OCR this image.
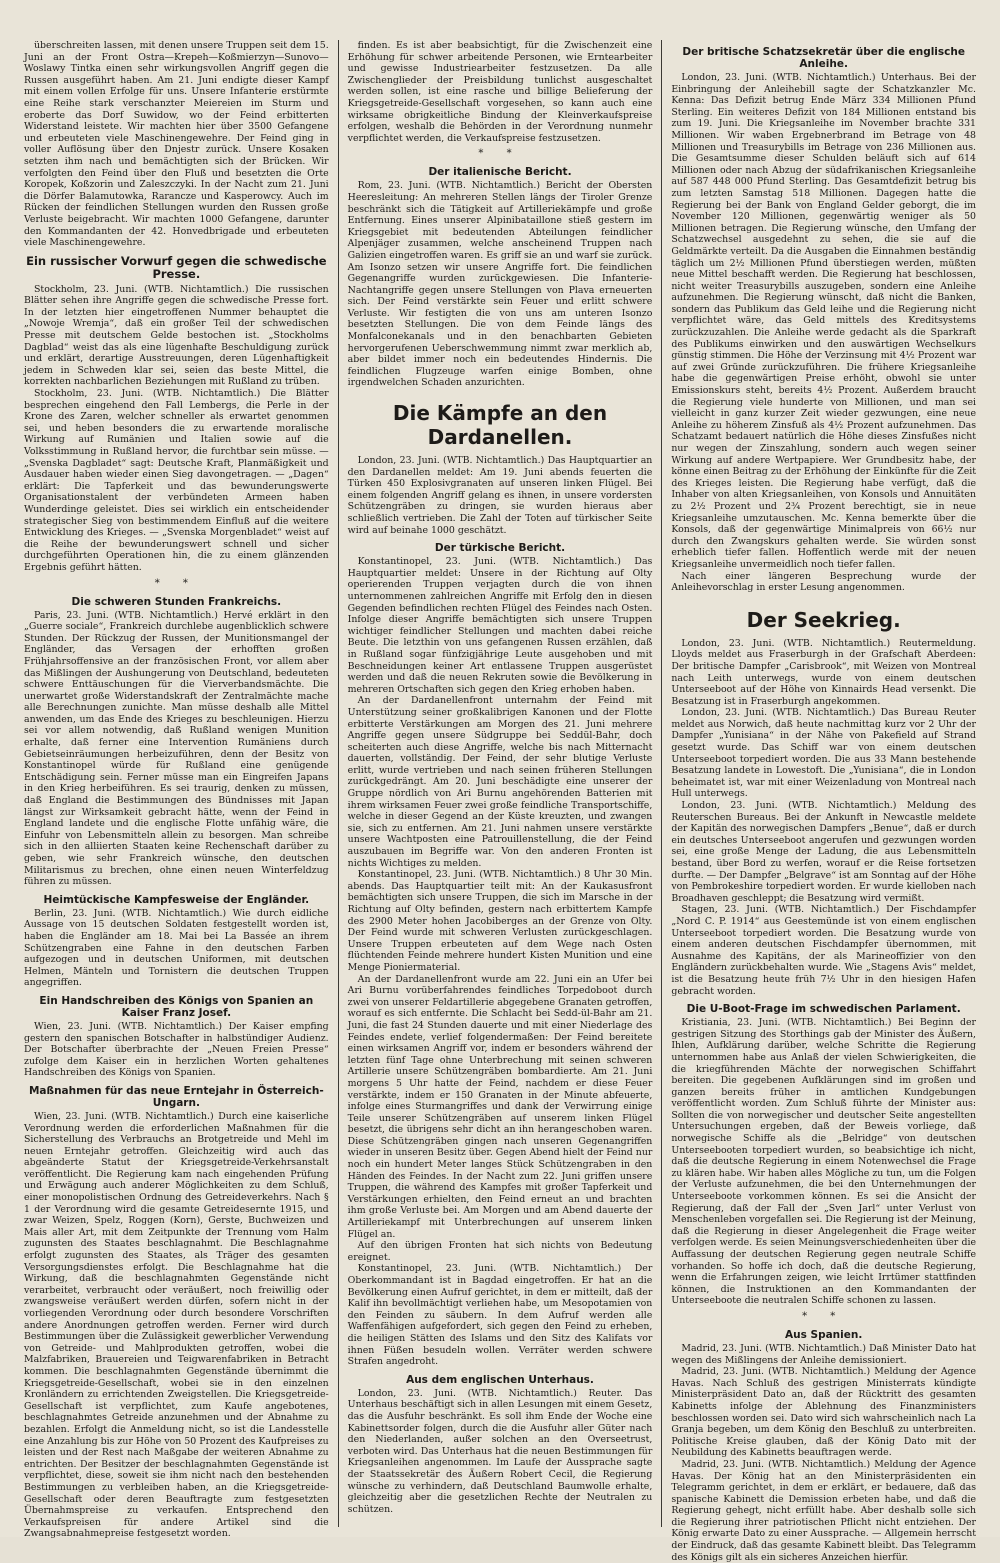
überschreiten lassen, mit denen unsere Truppen seit dem 15. Juni an der Front Ostra—Krepeh—Koßmierzyn—Sunovo—Woslawy Tintka einen sehr wirkungsvollen Angriff gegen die Russen ausgeführt haben. Am 21. Juni endigte dieser Kampf mit einem vollen Erfolge für uns. Unsere Infanterie erstürmte eine Reihe stark verschanzter Meiereien im Sturm und eroberte das Dorf Suwidow, wo der Feind erbitterten Widerstand leistete. Wir machten hier über 3500 Gefangene und erbeuteten viele Maschinengewehre. Der Feind ging in voller Auflösung über den Dnjestr zurück. Unsere Kosaken setzten ihm nach und bemächtigten sich der Brücken. Wir verfolgten den Feind über den Fluß und besetzten die Orte Koropek, Koßzorin und Zaleszczyki. In der Nacht zum 21. Juni die Dörfer Balamutowka, Rarancze und Kasperowcy. Auch im Rücken der feindlichen Stellungen wurden den Russen große Verluste beigebracht. Wir machten 1000 Gefangene, darunter den Kommandanten der 42. Honvedbrigade und erbeuteten viele Maschinengewehre.

Ein russischer Vorwurf gegen die schwedische Presse.

Stockholm, 23. Juni. (WTB. Nichtamtlich.) Die russischen Blätter sehen ihre Angriffe gegen die schwedische Presse fort. In der letzten hier eingetroffenen Nummer behauptet die „Nowoje Wremja“, daß ein großer Teil der schwedischen Presse mit deutschem Gelde bestochen ist. „Stockholms Dagblad“ weist das als eine lügenhafte Beschuldigung zurück und erklärt, derartige Ausstreuungen, deren Lügenhaftigkeit jedem in Schweden klar sei, seien das beste Mittel, die korrekten nachbarlichen Beziehungen mit Rußland zu trüben.

Stockholm, 23. Juni. (WTB. Nichtamtlich.) Die Blätter besprechen eingehend den Fall Lembergs, die Perle in der Krone des Zaren, welcher schneller als erwartet genommen sei, und heben besonders die zu erwartende moralische Wirkung auf Rumänien und Italien sowie auf die Volksstimmung in Rußland hervor, die furchtbar sein müsse. — „Svenska Dagbladet“ sagt: Deutsche Kraft, Planmäßigkeit und Ausdauer haben wieder einen Sieg davongetragen. — „Dagen“ erklärt: Die Tapferkeit und das bewunderungswerte Organisationstalent der verbündeten Armeen haben Wunderdinge geleistet. Dies sei wirklich ein entscheidender strategischer Sieg von bestimmendem Einfluß auf die weitere Entwicklung des Krieges. — „Svenska Morgenbladet“ weist auf die Reihe der bewunderungswert schnell und sicher durchgeführten Operationen hin, die zu einem glänzenden Ergebnis geführt hätten.

* *
Die schweren Stunden Frankreichs.

Paris, 23. Juni. (WTB. Nichtamtlich.) Hervé erklärt in den „Guerre sociale“, Frankreich durchlebe augenblicklich schwere Stunden. Der Rückzug der Russen, der Munitionsmangel der Engländer, das Versagen der erhofften großen Frühjahrsoffensive an der französischen Front, vor allem aber das Mißlingen der Aushungerung von Deutschland, bedeuteten schwere Enttäuschungen für die Vierverbandsmächte. Die unerwartet große Widerstandskraft der Zentralmächte mache alle Berechnungen zunichte. Man müsse deshalb alle Mittel anwenden, um das Ende des Krieges zu beschleunigen. Hierzu sei vor allem notwendig, daß Rußland wenigen Munition erhalte, daß ferner eine Intervention Rumäniens durch Gebietseinräumungen herbeizuführen, denn der Besitz von Konstantinopel würde für Rußland eine genügende Entschädigung sein. Ferner müsse man ein Eingreifen Japans in den Krieg herbeiführen. Es sei traurig, denken zu müssen, daß England die Bestimmungen des Bündnisses mit Japan längst zur Wirksamkeit gebracht hätte, wenn der Feind in England landete und die englische Flotte unfähig wäre, die Einfuhr von Lebensmitteln allein zu besorgen. Man schreibe sich in den alliierten Staaten keine Rechenschaft darüber zu geben, wie sehr Frankreich wünsche, den deutschen Militarismus zu brechen, ohne einen neuen Winterfeldzug führen zu müssen.

Heimtückische Kampfesweise der Engländer.

Berlin, 23. Juni. (WTB. Nichtamtlich.) Wie durch eidliche Aussage von 15 deutschen Soldaten festgestellt worden ist, haben die Engländer am 18. Mai bei La Bassée an ihrem Schützengraben eine Fahne in den deutschen Farben aufgezogen und in deutschen Uniformen, mit deutschen Helmen, Mänteln und Tornistern die deutschen Truppen angegriffen.

Ein Handschreiben des Königs von Spanien an Kaiser Franz Josef.

Wien, 23. Juni. (WTB. Nichtamtlich.) Der Kaiser empfing gestern den spanischen Botschafter in halbstündiger Audienz. Der Botschafter überbrachte der „Neuen Freien Presse“ zufolge dem Kaiser ein in herzlichen Worten gehaltenes Handschreiben des Königs von Spanien.

Maßnahmen für das neue Erntejahr in Österreich-Ungarn.

Wien, 23. Juni. (WTB. Nichtamtlich.) Durch eine kaiserliche Verordnung werden die erforderlichen Maßnahmen für die Sicherstellung des Verbrauchs an Brotgetreide und Mehl im neuen Erntejahr getroffen. Gleichzeitig wird auch das abgeänderte Statut der Kriegsgetreide-Verkehrsanstalt veröffentlicht. Die Regierung kam nach eingehenden Prüfung und Erwägung auch anderer Möglichkeiten zu dem Schluß, einer monopolistischen Ordnung des Getreideverkehrs. Nach § 1 der Verordnung wird die gesamte Getreidesernte 1915, und zwar Weizen, Spelz, Roggen (Korn), Gerste, Buchweizen und Mais aller Art, mit dem Zeitpunkte der Trennung vom Halm zugunsten des Staates beschlagnahmt. Die Beschlagnahme erfolgt zugunsten des Staates, als Träger des gesamten Versorgungsdienstes erfolgt. Die Beschlagnahme hat die Wirkung, daß die beschlagnahmten Gegenstände nicht verarbeitet, verbraucht oder veräußert, noch freiwillig oder zwangsweise veräußert werden dürfen, sofern nicht in der vorliegenden Verordnung oder durch besondere Vorschriften andere Anordnungen getroffen werden. Ferner wird durch Bestimmungen über die Zulässigkeit gewerblicher Verwendung von Getreide- und Mahlprodukten getroffen, wobei die Malzfabriken, Brauereien und Teigwarenfabriken in Betracht kommen. Die beschlagnahmten Gegenstände übernimmt die Kriegsgetreide-Gesellschaft, wobei sie in den einzelnen Kronländern zu errichtenden Zweigstellen. Die Kriegsgetreide-Gesellschaft ist verpflichtet, zum Kaufe angebotenes, beschlagnahmtes Getreide anzunehmen und der Abnahme zu bezahlen. Erfolgt die Anmeldung nicht, so ist die Landesstelle eine Anzahlung bis zur Höhe von 50 Prozent des Kaufpreises zu leisten und der Rest nach Maßgabe der weiteren Abnahme zu entrichten. Der Besitzer der beschlagnahmten Gegenstände ist verpflichtet, diese, soweit sie ihm nicht nach den bestehenden Bestimmungen zu verbleiben haben, an die Kriegsgetreide-Gesellschaft oder deren Beauftragte zum festgesetzten Übernahmspreise zu verkaufen. Entsprechend den Verkaufspreisen für andere Artikel sind die Zwangsabnahmepreise festgesetzt worden.

finden. Es ist aber beabsichtigt, für die Zwischenzeit eine Erhöhung für schwer arbeitende Personen, wie Erntearbeiter und gewisse Industriearbeiter festzusetzen. Da alle Zwischenglieder der Preisbildung tunlichst ausgeschaltet werden sollen, ist eine rasche und billige Belieferung der Kriegsgetreide-Gesellschaft vorgesehen, so kann auch eine wirksame obrigkeitliche Bindung der Kleinverkaufspreise erfolgen, weshalb die Behörden in der Verordnung nunmehr verpflichtet werden, die Verkaufspreise festzusetzen.

* *
Der italienische Bericht.

Rom, 23. Juni. (WTB. Nichtamtlich.) Bericht der Obersten Heeresleitung: An mehreren Stellen längs der Tiroler Grenze beschränkt sich die Tätigkeit auf Artilleriekämpfe und große Entfernung. Eines unserer Alpinibataillone stieß gestern im Kriegsgebiet mit bedeutenden Abteilungen feindlicher Alpenjäger zusammen, welche anscheinend Truppen nach Galizien eingetroffen waren. Es griff sie an und warf sie zurück. Am Isonzo setzen wir unsere Angriffe fort. Die feindlichen Gegenangriffe wurden zurückgewiesen. Die Infanterie-Nachtangriffe gegen unsere Stellungen von Plava erneuerten sich. Der Feind verstärkte sein Feuer und erlitt schwere Verluste. Wir festigten die von uns am unteren Isonzo besetzten Stellungen. Die von dem Feinde längs des Monfalconekanals und in den benachbarten Gebieten hervorgerufenen Ueberschwemmung nimmt zwar merklich ab, aber bildet immer noch ein bedeutendes Hindernis. Die feindlichen Flugzeuge warfen einige Bomben, ohne irgendwelchen Schaden anzurichten.

Die Kämpfe an den Dardanellen.

London, 23. Juni. (WTB. Nichtamtlich.) Das Hauptquartier an den Dardanellen meldet: Am 19. Juni abends feuerten die Türken 450 Explosivgranaten auf unseren linken Flügel. Bei einem folgenden Angriff gelang es ihnen, in unsere vordersten Schützengräben zu dringen, sie wurden hieraus aber schließlich vertrieben. Die Zahl der Toten auf türkischer Seite wird auf beinahe 1000 geschätzt.

Der türkische Bericht.

Konstantinopel, 23. Juni. (WTB. Nichtamtlich.) Das Hauptquartier meldet: Unsere in der Richtung auf Olty operierenden Truppen verjagten durch die von ihnen unternommenen zahlreichen Angriffe mit Erfolg den in diesen Gegenden befindlichen rechten Flügel des Feindes nach Osten. Infolge dieser Angriffe bemächtigten sich unsere Truppen wichtiger feindlicher Stellungen und machten dabei reiche Beute. Die letzthin von uns gefangenen Russen erzählen, daß in Rußland sogar fünfzigjährige Leute ausgehoben und mit Beschneidungen keiner Art entlassene Truppen ausgerüstet werden und daß die neuen Rekruten sowie die Bevölkerung in mehreren Ortschaften sich gegen den Krieg erhoben haben.

An der Dardanellenfront unternahm der Feind mit Unterstützung seiner großkalibrigen Kanonen und der Flotte erbitterte Verstärkungen am Morgen des 21. Juni mehrere Angriffe gegen unsere Südgruppe bei Seddül-Bahr, doch scheiterten auch diese Angriffe, welche bis nach Mitternacht dauerten, vollständig. Der Feind, der sehr blutige Verluste erlitt, wurde vertrieben und nach seinen früheren Stellungen zurückgedrängt. Am 20. Juni beschädigte eine unserer der Gruppe nördlich von Ari Burnu angehörenden Batterien mit ihrem wirksamen Feuer zwei große feindliche Transportschiffe, welche in dieser Gegend an der Küste kreuzten, und zwangen sie, sich zu entfernen. Am 21. Juni nahmen unsere verstärkte unsere Wachtposten eine Patrouillenstellung, die der Feind auszubauen im Begriffe war. Von den anderen Fronten ist nichts Wichtiges zu melden.

Konstantinopel, 23. Juni. (WTB. Nichtamtlich.) 8 Uhr 30 Min. abends. Das Hauptquartier teilt mit: An der Kaukasusfront bemächtigten sich unsere Truppen, die sich im Marsche in der Richtung auf Olty befinden, gestern nach erbittertem Kampfe des 2900 Meter hohen Jacobiberges an der Grenze von Olty. Der Feind wurde mit schweren Verlusten zurückgeschlagen. Unsere Truppen erbeuteten auf dem Wege nach Osten flüchtenden Feinde mehrere hundert Kisten Munition und eine Menge Pioniermaterial.

An der Dardanellenfront wurde am 22. Juni ein an Ufer bei Ari Burnu vorüberfahrendes feindliches Torpedoboot durch zwei von unserer Feldartillerie abgegebene Granaten getroffen, worauf es sich entfernte. Die Schlacht bei Sedd-ül-Bahr am 21. Juni, die fast 24 Stunden dauerte und mit einer Niederlage des Feindes endete, verlief folgendermaßen: Der Feind bereitete einen wirksamen Angriff vor, indem er besonders während der letzten fünf Tage ohne Unterbrechung mit seinen schweren Artillerie unsere Schützengräben bombardierte. Am 21. Juni morgens 5 Uhr hatte der Feind, nachdem er diese Feuer verstärkte, indem er 150 Granaten in der Minute abfeuerte, infolge eines Sturmangriffes und dank der Verwirrung einige Teile unserer Schützengräben auf unserem linken Flügel besetzt, die übrigens sehr dicht an ihn herangeschoben waren. Diese Schützengräben gingen nach unseren Gegenangriffen wieder in unseren Besitz über. Gegen Abend hielt der Feind nur noch ein hundert Meter langes Stück Schützengraben in den Händen des Feindes. In der Nacht zum 22. Juni griffen unsere Truppen, die während des Kampfes mit großer Tapferkeit und Verstärkungen erhielten, den Feind erneut an und brachten ihm große Verluste bei. Am Morgen und am Abend dauerte der Artilleriekampf mit Unterbrechungen auf unserem linken Flügel an.

Auf den übrigen Fronten hat sich nichts von Bedeutung ereignet.

Konstantinopel, 23. Juni. (WTB. Nichtamtlich.) Der Oberkommandant ist in Bagdad eingetroffen. Er hat an die Bevölkerung einen Aufruf gerichtet, in dem er mitteilt, daß der Kalif ihn bevollmächtigt verliehen habe, um Mesopotamien von den Feinden zu säubern. In dem Aufruf werden alle Waffenfähigen aufgefordert, sich gegen den Feind zu erheben, die heiligen Stätten des Islams und den Sitz des Kalifats vor ihnen Füßen besudeln wollen. Verräter werden schwere Strafen angedroht.

Aus dem englischen Unterhaus.

London, 23. Juni. (WTB. Nichtamtlich.) Reuter. Das Unterhaus beschäftigt sich in allen Lesungen mit einem Gesetz, das die Ausfuhr beschränkt. Es soll ihm Ende der Woche eine Kabinettsorder folgen, durch die die Ausfuhr aller Güter nach den Niederlanden, außer solchen an den Overseetrust, verboten wird. Das Unterhaus hat die neuen Bestimmungen für Kriegsanleihen angenommen. Im Laufe der Aussprache sagte der Staatssekretär des Äußern Robert Cecil, die Regierung wünsche zu verhindern, daß Deutschland Baumwolle erhalte, gleichzeitig aber die gesetzlichen Rechte der Neutralen zu schützen.

Der britische Schatzsekretär über die englische Anleihe.

London, 23. Juni. (WTB. Nichtamtlich.) Unterhaus. Bei der Einbringung der Anleihebill sagte der Schatzkanzler Mc. Kenna: Das Defizit betrug Ende März 334 Millionen Pfund Sterling. Ein weiteres Defizit von 184 Millionen entstand bis zum 19. Juni. Die Kriegsanleihe im November brachte 331 Millionen. Wir waben Ergebnerbrand im Betrage von 48 Millionen und Treasurybills im Betrage von 236 Millionen aus. Die Gesamtsumme dieser Schulden beläuft sich auf 614 Millionen oder nach Abzug der südafrikanischen Kriegsanleihe auf 587 448 000 Pfund Sterling. Das Gesamtdefizit betrug bis zum letzten Samstag 518 Millionen. Dagegen hatte die Regierung bei der Bank von England Gelder geborgt, die im November 120 Millionen, gegenwärtig weniger als 50 Millionen betragen. Die Regierung wünsche, den Umfang der Schatzwechsel ausgedehnt zu sehen, die sie auf die Geldmärkte verteilt. Da die Ausgaben die Einnahmen beständig täglich um 2½ Millionen Pfund überstiegen werden, müßten neue Mittel beschafft werden. Die Regierung hat beschlossen, nicht weiter Treasurybills auszugeben, sondern eine Anleihe aufzunehmen. Die Regierung wünscht, daß nicht die Banken, sondern das Publikum das Geld leihe und die Regierung nicht verpflichtet wäre, das Geld mittels des Kreditsystems zurückzuzahlen. Die Anleihe werde gedacht als die Sparkraft des Publikums einwirken und den auswärtigen Wechselkurs günstig stimmen. Die Höhe der Verzinsung mit 4½ Prozent war auf zwei Gründe zurückzuführen. Die frühere Kriegsanleihe habe die gegenwärtigen Preise erhöht, obwohl sie unter Emissionskurs steht, bereits 4½ Prozent. Außerdem braucht die Regierung viele hunderte von Millionen, und man sei vielleicht in ganz kurzer Zeit wieder gezwungen, eine neue Anleihe zu höherem Zinsfuß als 4½ Prozent aufzunehmen. Das Schatzamt bedauert natürlich die Höhe dieses Zinsfußes nicht nur wegen der Zinszahlung, sondern auch wegen seiner Wirkung auf andere Wertpapiere. Wer Grundbesitz habe, der könne einen Beitrag zu der Erhöhung der Einkünfte für die Zeit des Krieges leisten. Die Regierung habe verfügt, daß die Inhaber von alten Kriegsanleihen, von Konsols und Annuitäten zu 2½ Prozent und 2¾ Prozent berechtigt, sie in neue Kriegsanleihe umzutauschen. Mc. Kenna bemerkte über die Konsols, daß der gegenwärtige Minimalpreis von 66½ nur durch den Zwangskurs gehalten werde. Sie würden sonst erheblich tiefer fallen. Hoffentlich werde mit der neuen Kriegsanleihe unvermeidlich noch tiefer fallen.

Nach einer längeren Besprechung wurde der Anleihevorschlag in erster Lesung angenommen.

Der Seekrieg.

London, 23. Juni. (WTB. Nichtamtlich.) Reutermeldung. Lloyds meldet aus Fraserburgh in der Grafschaft Aberdeen: Der britische Dampfer „Carisbrook“, mit Weizen von Montreal nach Leith unterwegs, wurde von einem deutschen Unterseeboot auf der Höhe von Kinnairds Head versenkt. Die Besatzung ist in Fraserburgh angekommen.

London, 23. Juni. (WTB. Nichtamtlich.) Das Bureau Reuter meldet aus Norwich, daß heute nachmittag kurz vor 2 Uhr der Dampfer „Yunisiana“ in der Nähe von Pakefield auf Strand gesetzt wurde. Das Schiff war von einem deutschen Unterseeboot torpediert worden. Die aus 33 Mann bestehende Besatzung landete in Lowestoft. Die „Yunisiana“, die in London beheimatet ist, war mit einer Weizenladung von Montreal nach Hull unterwegs.

London, 23. Juni. (WTB. Nichtamtlich.) Meldung des Reuterschen Bureaus. Bei der Ankunft in Newcastle meldete der Kapitän des norwegischen Dampfers „Benue“, daß er durch ein deutsches Unterseeboot angerufen und gezwungen worden sei, eine große Menge der Ladung, die aus Lebensmitteln bestand, über Bord zu werfen, worauf er die Reise fortsetzen durfte. — Der Dampfer „Belgrave“ ist am Sonntag auf der Höhe von Pembrokeshire torpediert worden. Er wurde kielloben nach Broadhaven geschleppt; die Besatzung wird vermißt.

Stagen, 23. Juni. (WTB. Nichtamtlich.) Der Fischdampfer „Nord C. P. 1914“ aus Geestemünde ist von einem englischen Unterseeboot torpediert worden. Die Besatzung wurde von einem anderen deutschen Fischdampfer übernommen, mit Ausnahme des Kapitäns, der als Marineoffizier von den Engländern zurückbehalten wurde. Wie „Stagens Avis“ meldet, ist die Besatzung heute früh 7½ Uhr in den hiesigen Hafen gebracht worden.

Die U-Boot-Frage im schwedischen Parlament.

Kristiania, 23. Juni. (WTB. Nichtamtlich.) Bei Beginn der gestrigen Sitzung des Storthings gab der Minister des Äußern, Ihlen, Aufklärung darüber, welche Schritte die Regierung unternommen habe aus Anlaß der vielen Schwierigkeiten, die die kriegführenden Mächte der norwegischen Schiffahrt bereiten. Die gegebenen Aufklärungen sind im großen und ganzen bereits früher in amtlichen Kundgebungen veröffentlicht worden. Zum Schluß führte der Minister aus: Sollten die von norwegischer und deutscher Seite angestellten Untersuchungen ergeben, daß der Beweis vorliege, daß norwegische Schiffe als die „Belridge“ von deutschen Unterseebooten torpediert wurden, so beabsichtige ich nicht, daß die deutsche Regierung in einem Notenwechsel die Frage zu klären habe. Wir haben alles Mögliche zu tun, um die Folgen der Verluste aufzunehmen, die bei den Unternehmungen der Unterseeboote vorkommen können. Es sei die Ansicht der Regierung, daß der Fall der „Sven Jarl“ unter Verlust von Menschenleben vorgefallen sei. Die Regierung ist der Meinung, daß die Regierung in dieser Angelegenheit die Frage weiter verfolgen werde. Es seien Meinungsverschiedenheiten über die Auffassung der deutschen Regierung gegen neutrale Schiffe vorhanden. So hoffe ich doch, daß die deutsche Regierung, wenn die Erfahrungen zeigen, wie leicht Irrtümer stattfinden können, die Instruktionen an den Kommandanten der Unterseeboote die neutralen Schiffe schonen zu lassen.

* *
Aus Spanien.

Madrid, 23. Juni. (WTB. Nichtamtlich.) Daß Minister Dato hat wegen des Mißlingens der Anleihe demissioniert.

Madrid, 23. Juni. (WTB. Nichtamtlich.) Meldung der Agence Havas. Nach Schluß des gestrigen Ministerrats kündigte Ministerpräsident Dato an, daß der Rücktritt des gesamten Kabinetts infolge der Ablehnung des Finanzministers beschlossen worden sei. Dato wird sich wahrscheinlich nach La Granja begeben, um dem König den Beschluß zu unterbreiten. Politische Kreise glauben, daß der König Dato mit der Neubildung des Kabinetts beauftragen werde.

Madrid, 23. Juni. (WTB. Nichtamtlich.) Meldung der Agence Havas. Der König hat an den Ministerpräsidenten ein Telegramm gerichtet, in dem er erklärt, er bedauere, daß das spanische Kabinett die Demission erbeten habe, und daß die Regierung gehegt, nicht erfüllt habe. Aber deshalb solle sich die Regierung ihrer patriotischen Pflicht nicht entziehen. Der König erwarte Dato zu einer Aussprache. — Allgemein herrscht der Eindruck, daß das gesamte Kabinett bleibt. Das Telegramm des Königs gilt als ein sicheres Anzeichen hierfür.
